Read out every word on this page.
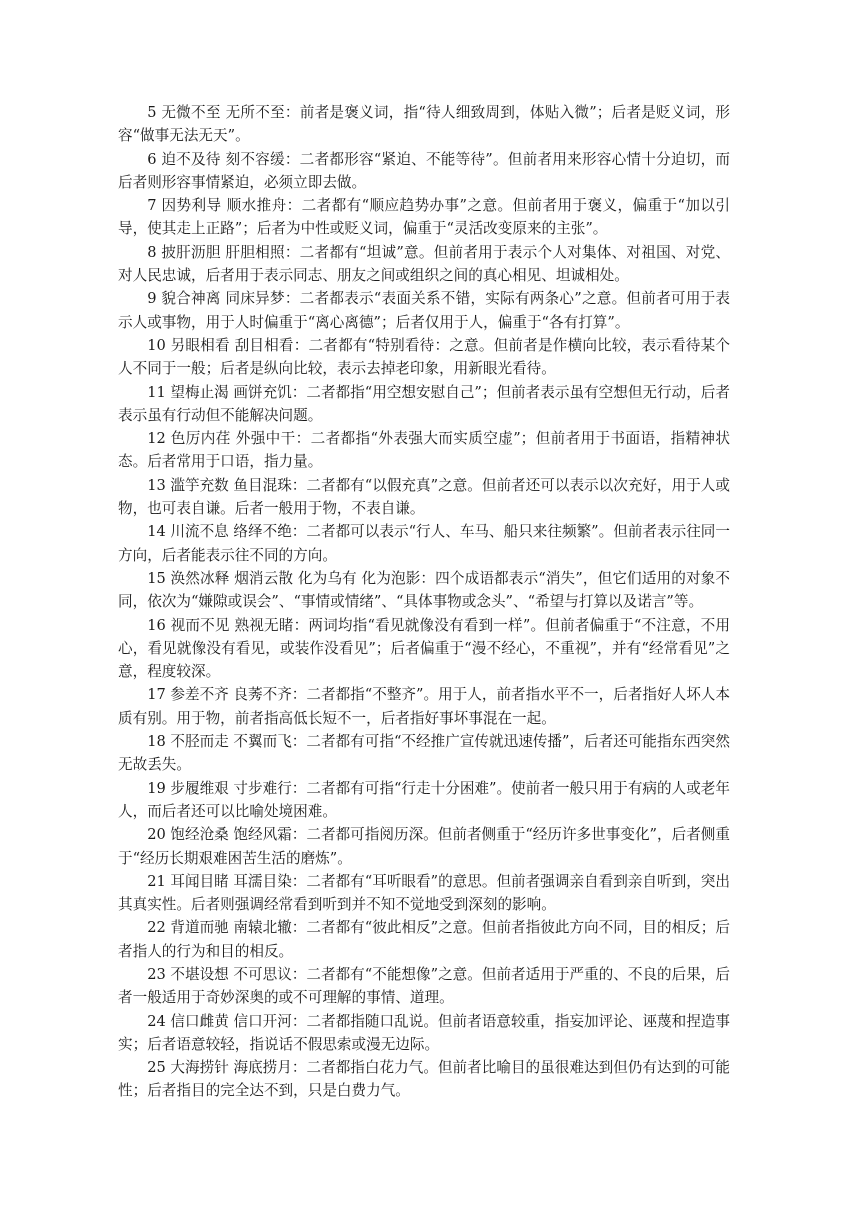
5 无微不至 无所不至：前者是褒义词，指“待人细致周到，体贴入微”；后者是贬义词，形容“做事无法无天”。

6 迫不及待 刻不容缓：二者都形容“紧迫、不能等待”。但前者用来形容心情十分迫切，而后者则形容事情紧迫，必须立即去做。

7 因势利导 顺水推舟：二者都有“顺应趋势办事”之意。但前者用于褒义，偏重于“加以引导，使其走上正路”；后者为中性或贬义词，偏重于“灵活改变原来的主张”。

8 披肝沥胆 肝胆相照：二者都有“坦诚”意。但前者用于表示个人对集体、对祖国、对党、对人民忠诚，后者用于表示同志、朋友之间或组织之间的真心相见、坦诚相处。

9 貌合神离 同床异梦：二者都表示“表面关系不错，实际有两条心”之意。但前者可用于表示人或事物，用于人时偏重于“离心离德”；后者仅用于人，偏重于“各有打算”。

10 另眼相看 刮目相看：二者都有“特别看待：之意。但前者是作横向比较，表示看待某个人不同于一般；后者是纵向比较，表示去掉老印象，用新眼光看待。

11 望梅止渴 画饼充饥：二者都指“用空想安慰自己”；但前者表示虽有空想但无行动，后者表示虽有行动但不能解决问题。

12 色厉内荏 外强中干：二者都指“外表强大而实质空虚”；但前者用于书面语，指精神状态。后者常用于口语，指力量。

13 滥竽充数 鱼目混珠：二者都有“以假充真”之意。但前者还可以表示以次充好，用于人或物，也可表自谦。后者一般用于物，不表自谦。

14 川流不息 络绎不绝：二者都可以表示“行人、车马、船只来往频繁”。但前者表示往同一方向，后者能表示往不同的方向。

15 涣然冰释 烟消云散 化为乌有 化为泡影：四个成语都表示“消失”，但它们适用的对象不同，依次为“嫌隙或误会”、“事情或情绪”、“具体事物或念头”、“希望与打算以及诺言”等。

16 视而不见 熟视无睹：两词均指“看见就像没有看到一样”。但前者偏重于“不注意，不用心，看见就像没有看见，或装作没看见”；后者偏重于“漫不经心，不重视”，并有“经常看见”之意，程度较深。

17 参差不齐 良莠不齐：二者都指“不整齐”。用于人，前者指水平不一，后者指好人坏人本质有别。用于物，前者指高低长短不一，后者指好事坏事混在一起。

18 不胫而走 不翼而飞：二者都有可指“不经推广宣传就迅速传播”，后者还可能指东西突然无故丢失。

19 步履维艰 寸步难行：二者都有可指“行走十分困难”。使前者一般只用于有病的人或老年人，而后者还可以比喻处境困难。

20 饱经沧桑 饱经风霜：二者都可指阅历深。但前者侧重于“经历许多世事变化”，后者侧重于“经历长期艰难困苦生活的磨炼”。

21 耳闻目睹 耳濡目染：二者都有“耳听眼看”的意思。但前者强调亲自看到亲自听到，突出其真实性。后者则强调经常看到听到并不知不觉地受到深刻的影响。

22 背道而驰 南辕北辙：二者都有“彼此相反”之意。但前者指彼此方向不同，目的相反；后者指人的行为和目的相反。

23 不堪设想 不可思议：二者都有“不能想像”之意。但前者适用于严重的、不良的后果，后者一般适用于奇妙深奥的或不可理解的事情、道理。

24 信口雌黄 信口开河：二者都指随口乱说。但前者语意较重，指妄加评论、诬蔑和捏造事实；后者语意较轻，指说话不假思索或漫无边际。

25 大海捞针 海底捞月：二者都指白花力气。但前者比喻目的虽很难达到但仍有达到的可能性；后者指目的完全达不到，只是白费力气。
